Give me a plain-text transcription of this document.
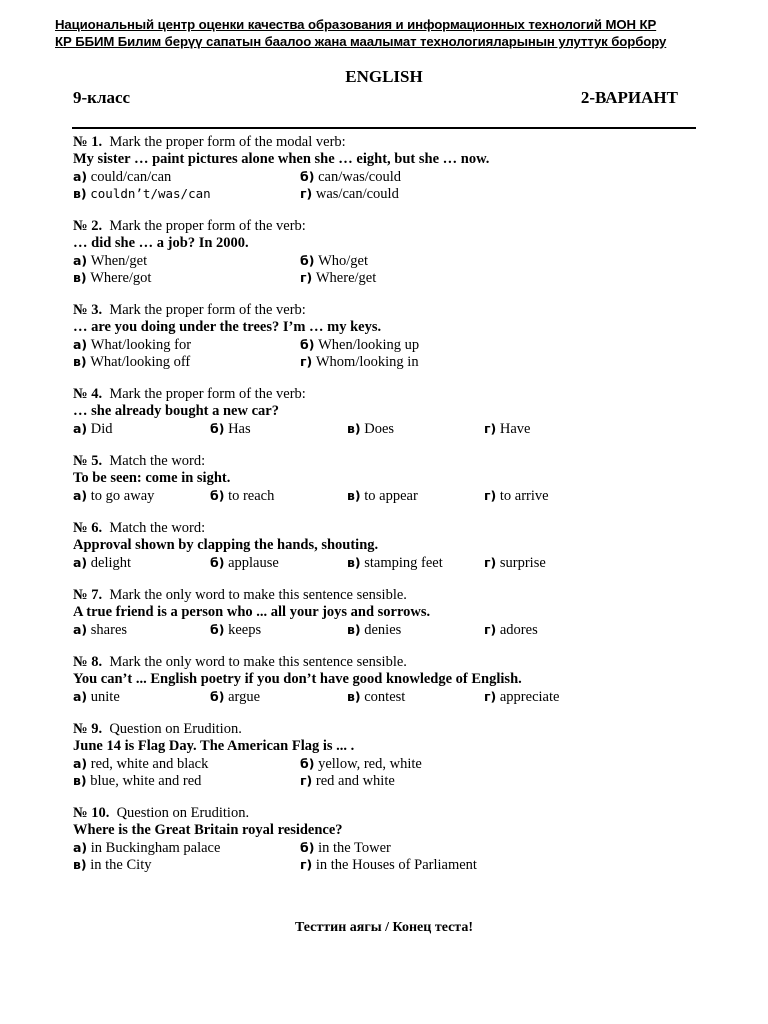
Национальный центр оценки качества образования и информационных технологий МОН КР
КР ББИМ Билим берүү сапатын баалоо жана маалымат технологияларынын улуттук борбору
ENGLISH
9-класс	2-ВАРИАНТ
№ 1. Mark the proper form of the modal verb:
My sister … paint pictures alone when she … eight, but she … now.
а) could/can/can	б) can/was/could
в) couldn’t/was/can	г) was/can/could
№ 2. Mark the proper form of the verb:
… did she … a job? In 2000.
а) When/get	б) Who/get
в) Where/got	г) Where/get
№ 3. Mark the proper form of the verb:
… are you doing under the trees? I’m … my keys.
а) What/looking for	б) When/looking up
в) What/looking off	г) Whom/looking in
№ 4. Mark the proper form of the verb:
… she already bought a new car?
а) Did	б) Has	в) Does	г) Have
№ 5. Match the word:
To be seen: come in sight.
а) to go away	б) to reach	в) to appear	г) to arrive
№ 6. Match the word:
Approval shown by clapping the hands, shouting.
а) delight	б) applause	в) stamping feet	г) surprise
№ 7. Mark the only word to make this sentence sensible.
A true friend is a person who ... all your joys and sorrows.
а) shares	б) keeps	в) denies	г) adores
№ 8. Mark the only word to make this sentence sensible.
You can’t ... English poetry if you don’t have good knowledge of English.
а) unite	б) argue	в) contest	г) appreciate
№ 9. Question on Erudition.
June 14 is Flag Day. The American Flag is ... .
а) red, white and black	б) yellow, red, white
в) blue, white and red	г) red and white
№ 10. Question on Erudition.
Where is the Great Britain royal residence?
а) in Buckingham palace	б) in the Tower
в) in the City	г) in the Houses of Parliament
Тесттин аягы / Конец теста!
